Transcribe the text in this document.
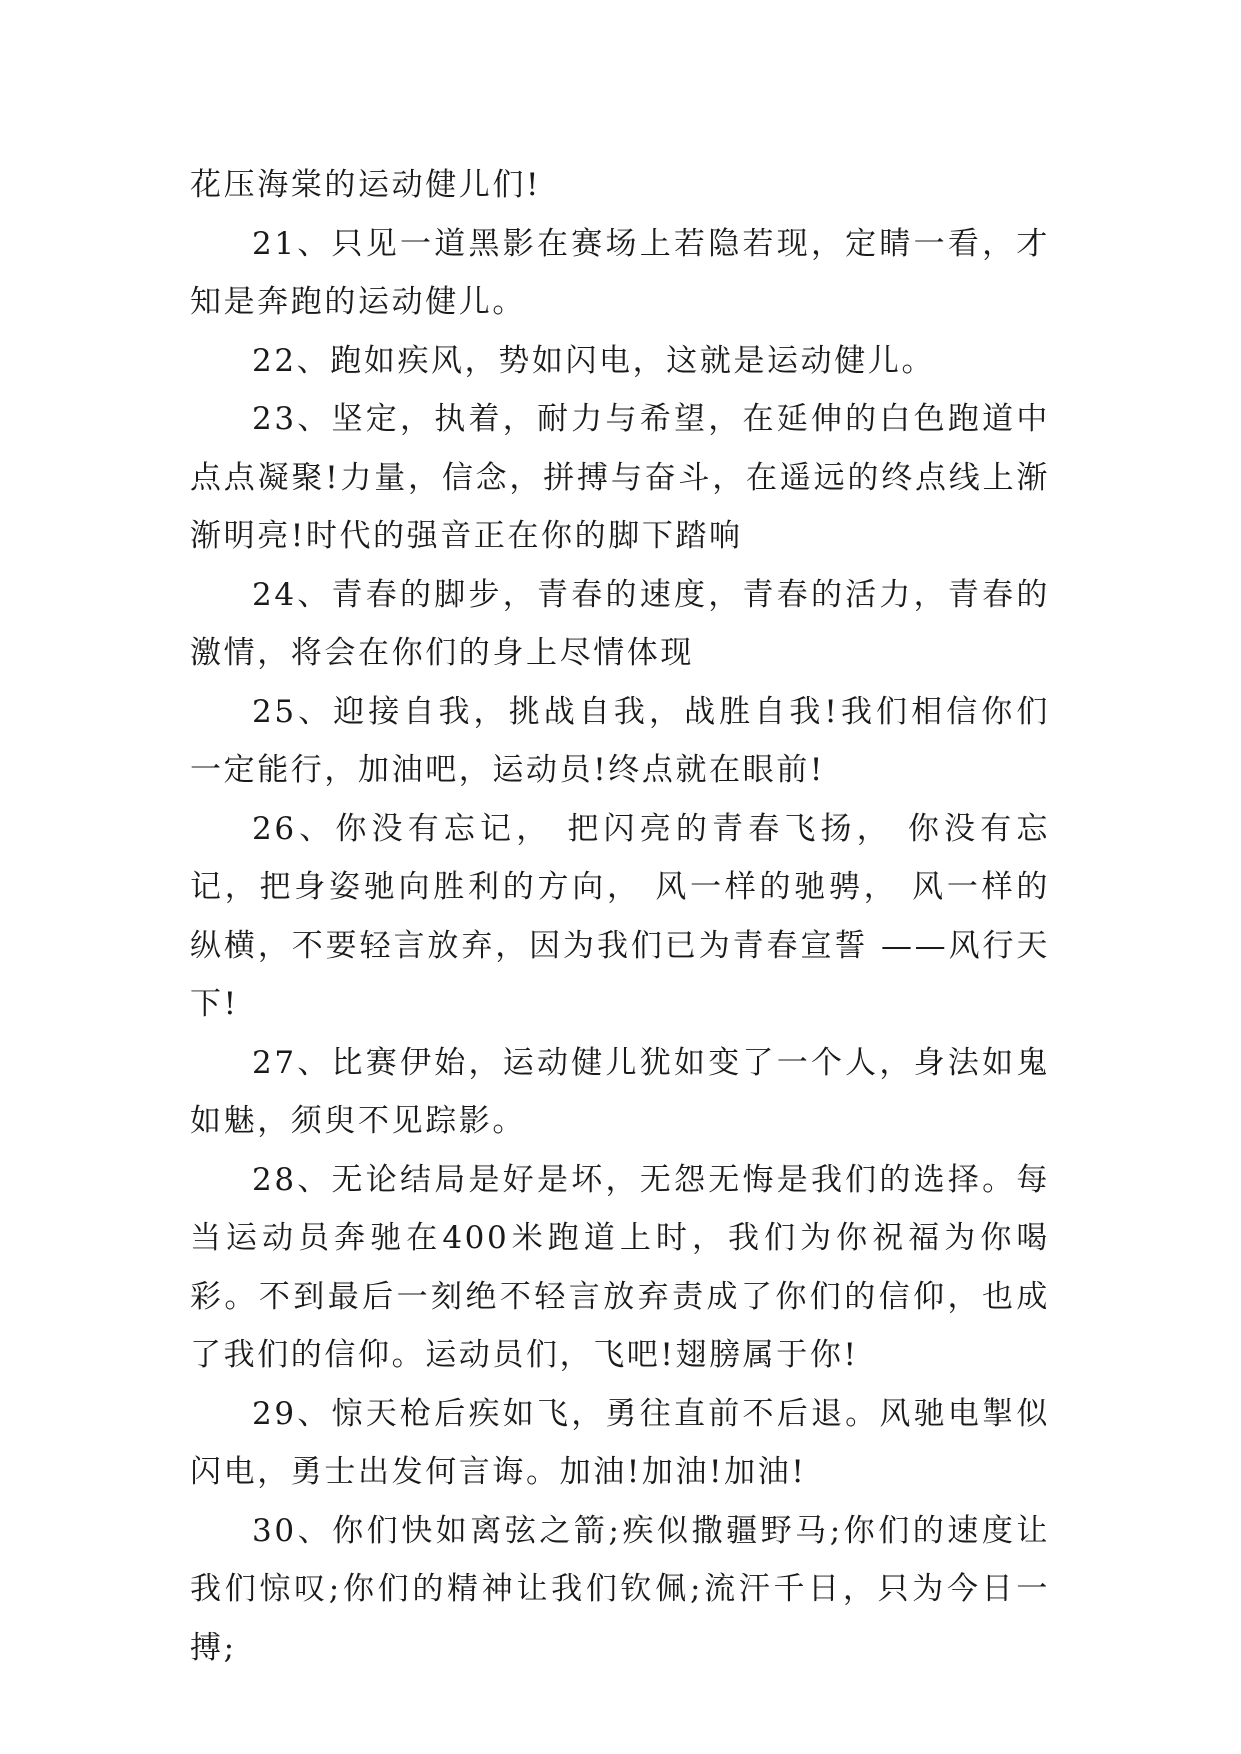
花压海棠的运动健儿们!

21、只见一道黑影在赛场上若隐若现，定睛一看，才知是奔跑的运动健儿。

22、跑如疾风，势如闪电，这就是运动健儿。

23、坚定，执着，耐力与希望，在延伸的白色跑道中点点凝聚!力量，信念，拼搏与奋斗，在遥远的终点线上渐渐明亮!时代的强音正在你的脚下踏响

24、青春的脚步，青春的速度，青春的活力，青春的激情，将会在你们的身上尽情体现

25、迎接自我，挑战自我，战胜自我!我们相信你们一定能行，加油吧，运动员!终点就在眼前!

26、你没有忘记， 把闪亮的青春飞扬， 你没有忘记，把身姿驰向胜利的方向， 风一样的驰骋， 风一样的纵横，不要轻言放弃，因为我们已为青春宣誓 ——风行天下!

27、比赛伊始，运动健儿犹如变了一个人，身法如鬼如魅，须臾不见踪影。

28、无论结局是好是坏，无怨无悔是我们的选择。每当运动员奔驰在400米跑道上时，我们为你祝福为你喝彩。不到最后一刻绝不轻言放弃责成了你们的信仰，也成了我们的信仰。运动员们，飞吧!翅膀属于你!

29、惊天枪后疾如飞，勇往直前不后退。风驰电掣似闪电，勇士出发何言诲。加油!加油!加油!

30、你们快如离弦之箭;疾似撒疆野马;你们的速度让我们惊叹;你们的精神让我们钦佩;流汗千日，只为今日一搏;
